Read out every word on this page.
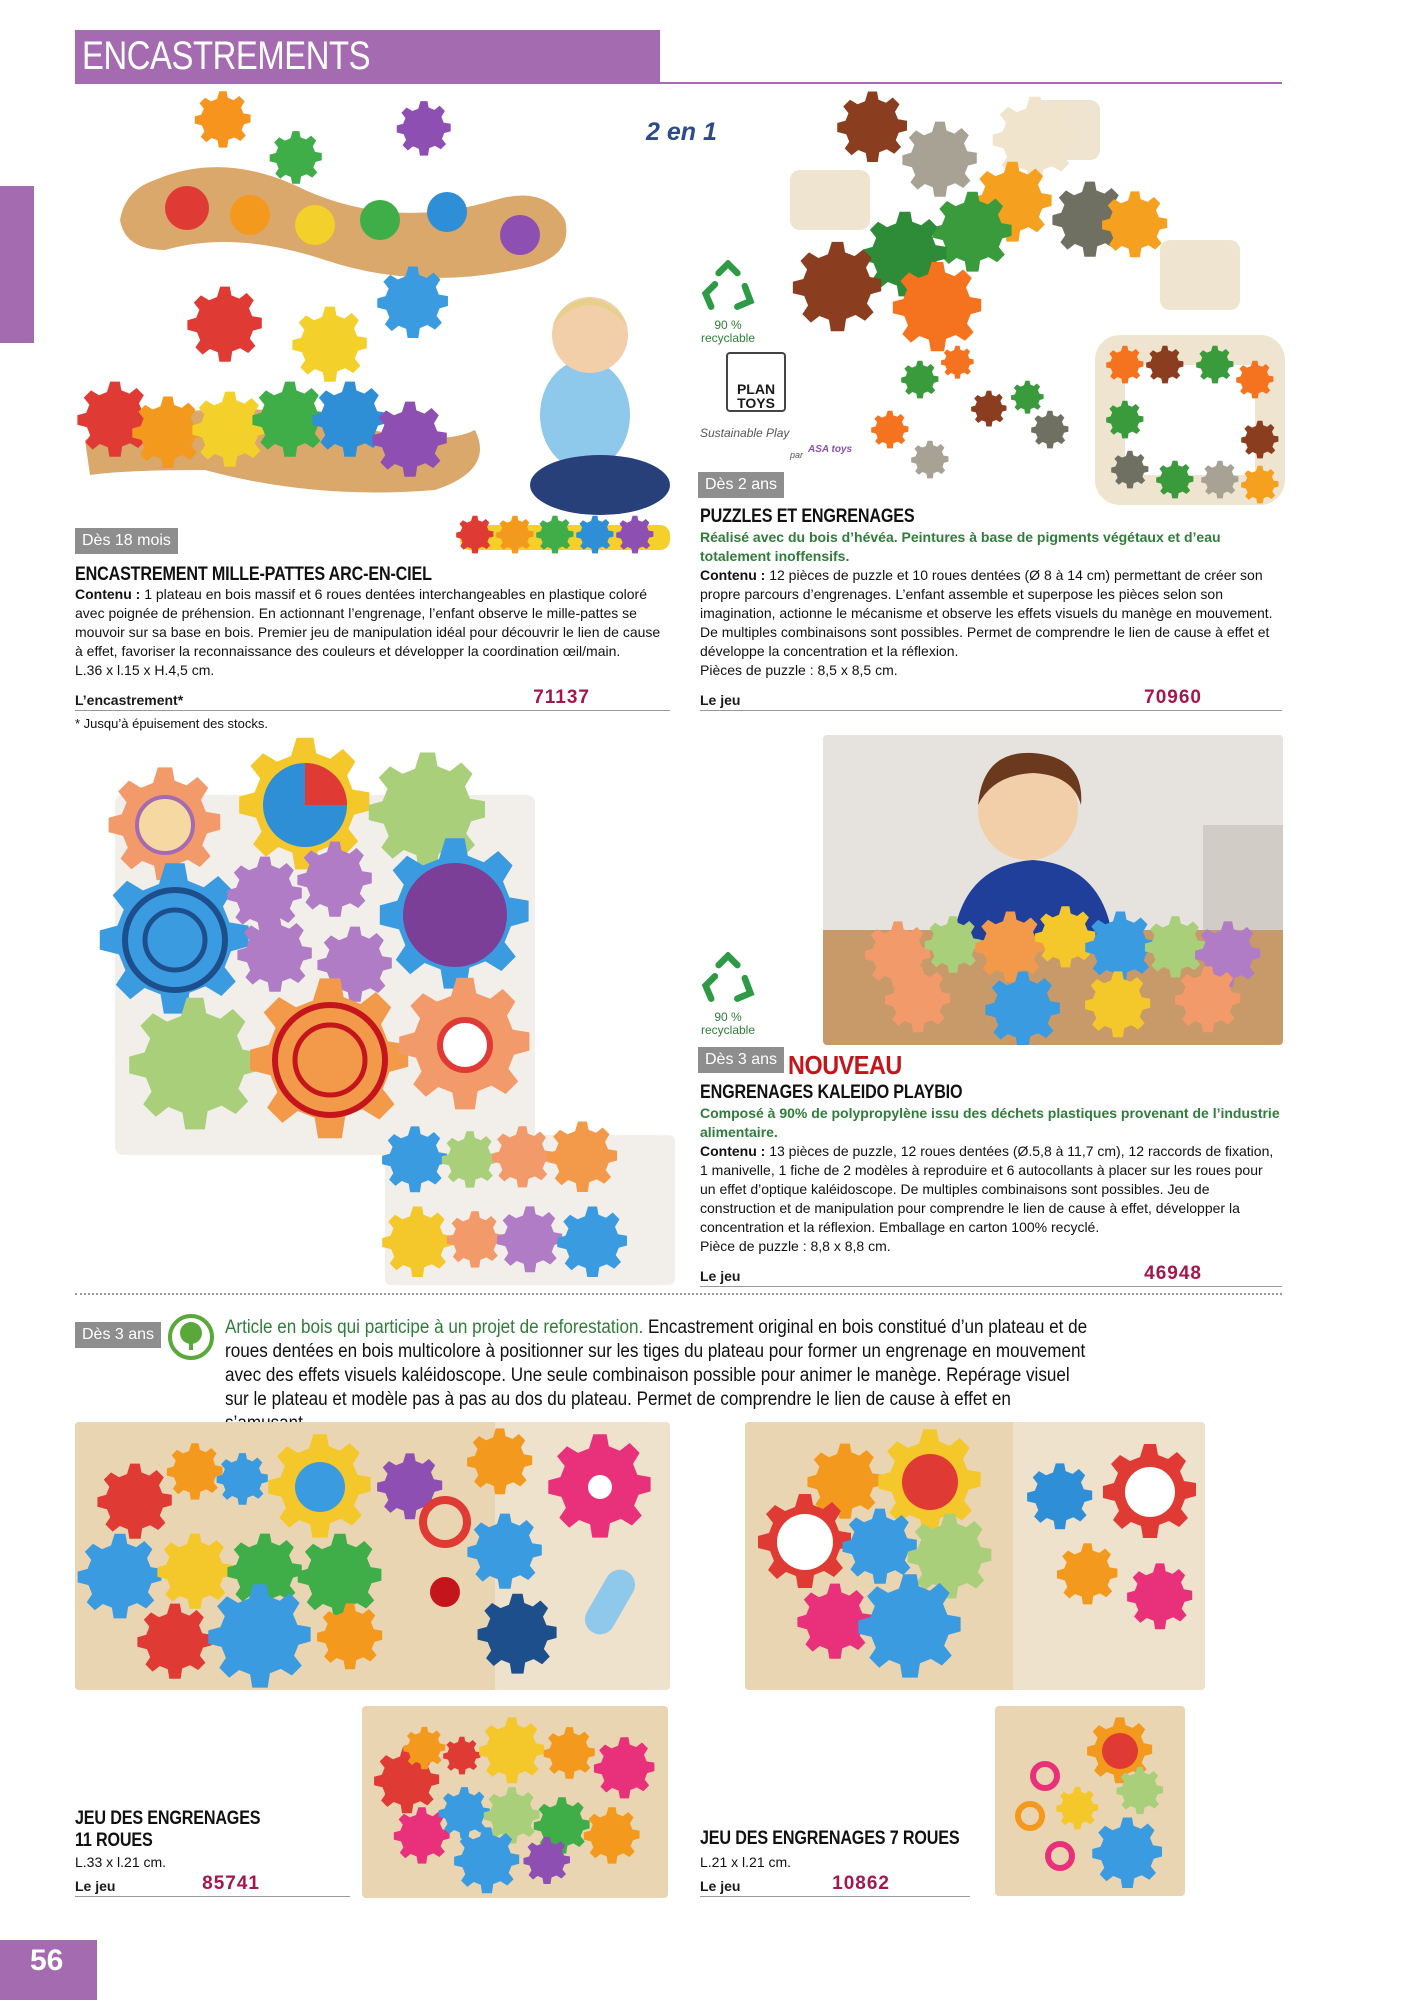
ENCASTREMENTS
2 en 1
90 %
recyclable
PLAN
TOYS
Sustainable Play
par ASA toys
Dès 18 mois
ENCASTREMENT MILLE-PATTES ARC-EN-CIEL
Contenu : 1 plateau en bois massif et 6 roues dentées interchangeables en plastique coloré avec poignée de préhension. En actionnant l’engrenage, l’enfant observe le mille-pattes se mouvoir sur sa base en bois. Premier jeu de manipulation idéal pour découvrir le lien de cause à effet, favoriser la reconnaissance des couleurs et développer la coordination œil/main.
L.36 x l.15 x H.4,5 cm.
L’encastrement*	71137
* Jusqu’à épuisement des stocks.
Dès 2 ans
PUZZLES ET ENGRENAGES
Réalisé avec du bois d’hévéa. Peintures à base de pigments végétaux et d’eau totalement inoffensifs.
Contenu : 12 pièces de puzzle et 10 roues dentées (Ø 8 à 14 cm) permettant de créer son propre parcours d’engrenages. L’enfant assemble et superpose les pièces selon son imagination, actionne le mécanisme et observe les effets visuels du manège en mouvement. De multiples combinaisons sont possibles. Permet de comprendre le lien de cause à effet et développe la concentration et la réflexion.
Pièces de puzzle : 8,5 x 8,5 cm.
Le jeu	70960
90 %
recyclable
Dès 3 ans NOUVEAU
ENGRENAGES KALEIDO PLAYBIO
Composé à 90% de polypropylène issu des déchets plastiques provenant de l’industrie alimentaire.
Contenu : 13 pièces de puzzle, 12 roues dentées (Ø.5,8 à 11,7 cm), 12 raccords de fixation, 1 manivelle, 1 fiche de 2 modèles à reproduire et 6 autocollants à placer sur les roues pour un effet d’optique kaléidoscope. De multiples combinaisons sont possibles. Jeu de construction et de manipulation pour comprendre le lien de cause à effet, développer la concentration et la réflexion. Emballage en carton 100% recyclé.
Pièce de puzzle : 8,8 x 8,8 cm.
Le jeu	46948
Dès 3 ans	Article en bois qui participe à un projet de reforestation. Encastrement original en bois constitué d’un plateau et de roues dentées en bois multicolore à positionner sur les tiges du plateau pour former un engrenage en mouvement avec des effets visuels kaléidoscope. Une seule combinaison possible pour animer le manège. Repérage visuel sur le plateau et modèle pas à pas au dos du plateau. Permet de comprendre le lien de cause à effet en
JEU DES ENGRENAGES
11 ROUES
L.33 x l.21 cm.
Le jeu	85741
JEU DES ENGRENAGES 7 ROUES
L.21 x l.21 cm.
Le jeu	10862
56
